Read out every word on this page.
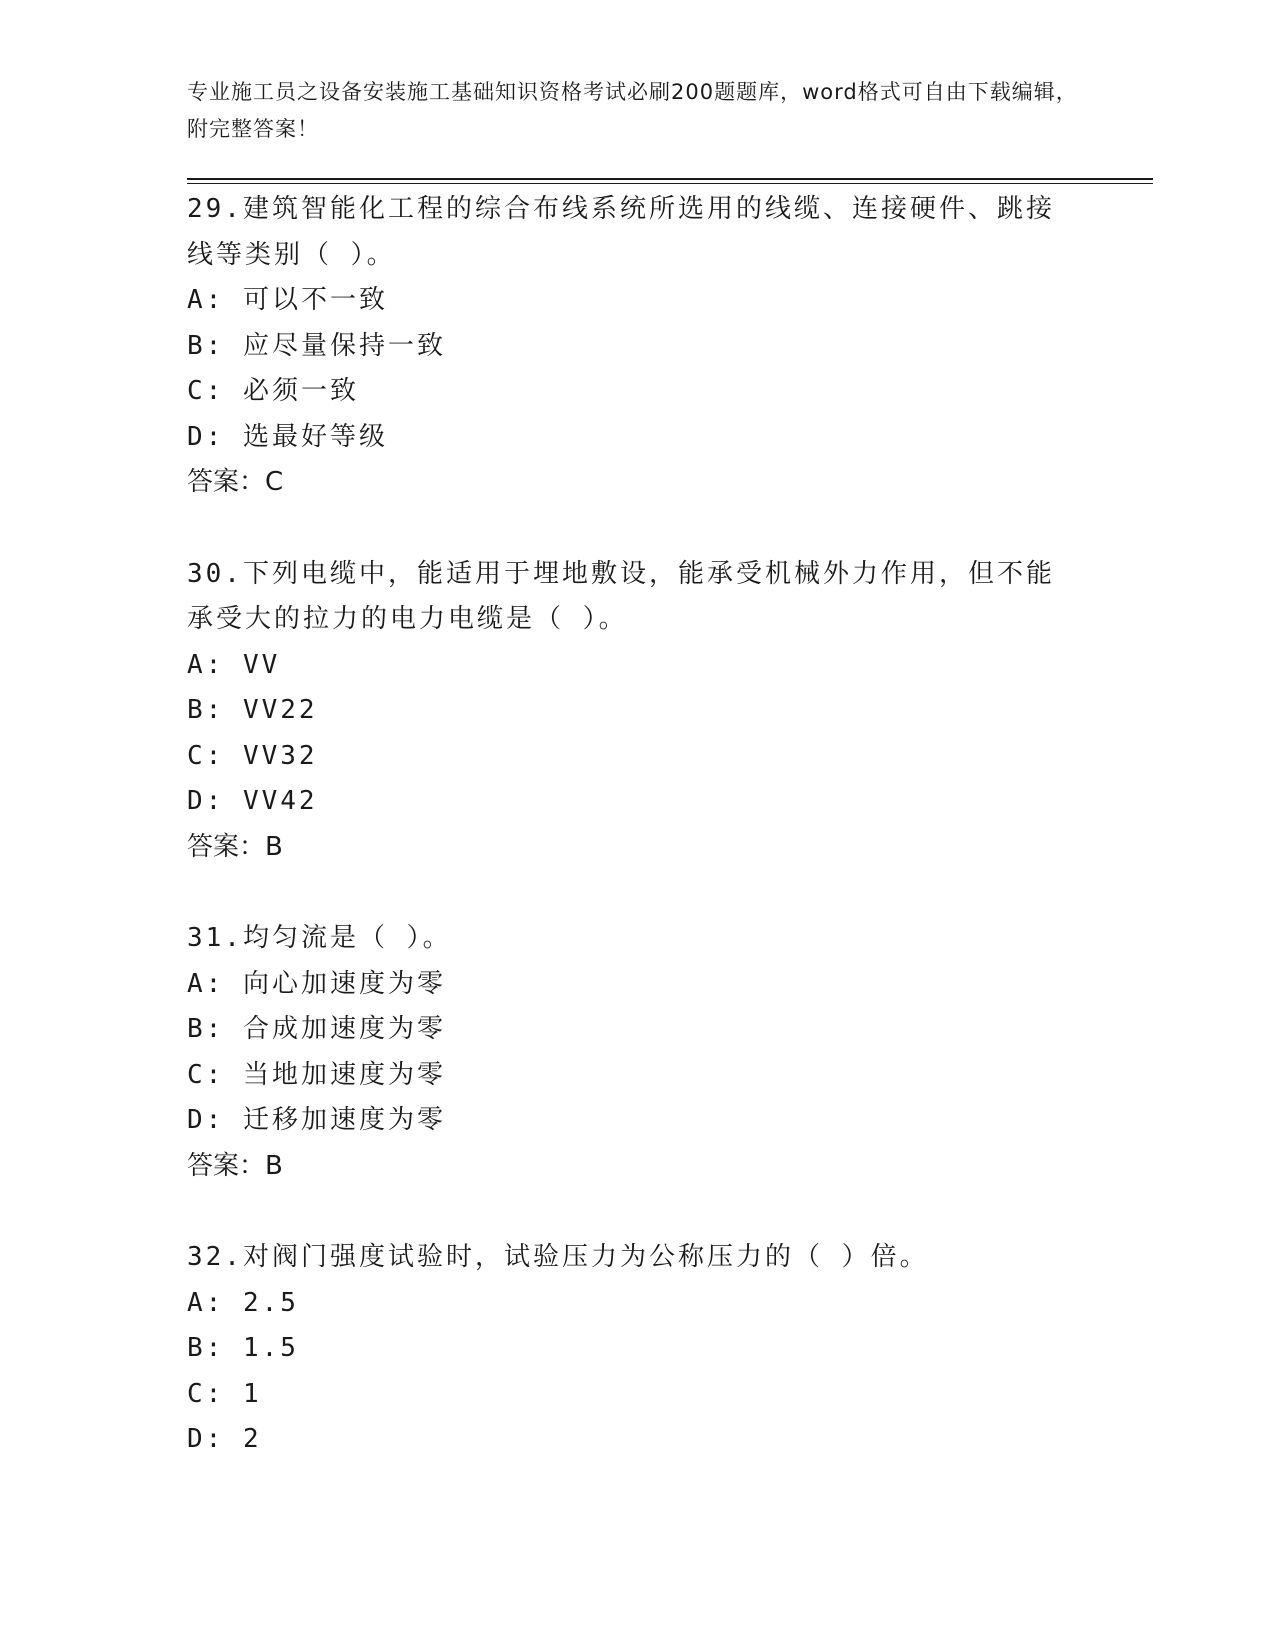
专业施工员之设备安装施工基础知识资格考试必刷200题题库，word格式可自由下载编辑，附完整答案！

29.建筑智能化工程的综合布线系统所选用的线缆、连接硬件、跳接线等类别（ ）。

A: 可以不一致

B: 应尽量保持一致

C: 必须一致

D: 选最好等级

答案：C

30.下列电缆中，能适用于埋地敷设，能承受机械外力作用，但不能承受大的拉力的电力电缆是（ ）。

A: VV

B: VV22

C: VV32

D: VV42

答案：B

31.均匀流是（ ）。

A: 向心加速度为零

B: 合成加速度为零

C: 当地加速度为零

D: 迁移加速度为零

答案：B

32.对阀门强度试验时，试验压力为公称压力的（ ）倍。

A: 2.5

B: 1.5

C: 1

D: 2
